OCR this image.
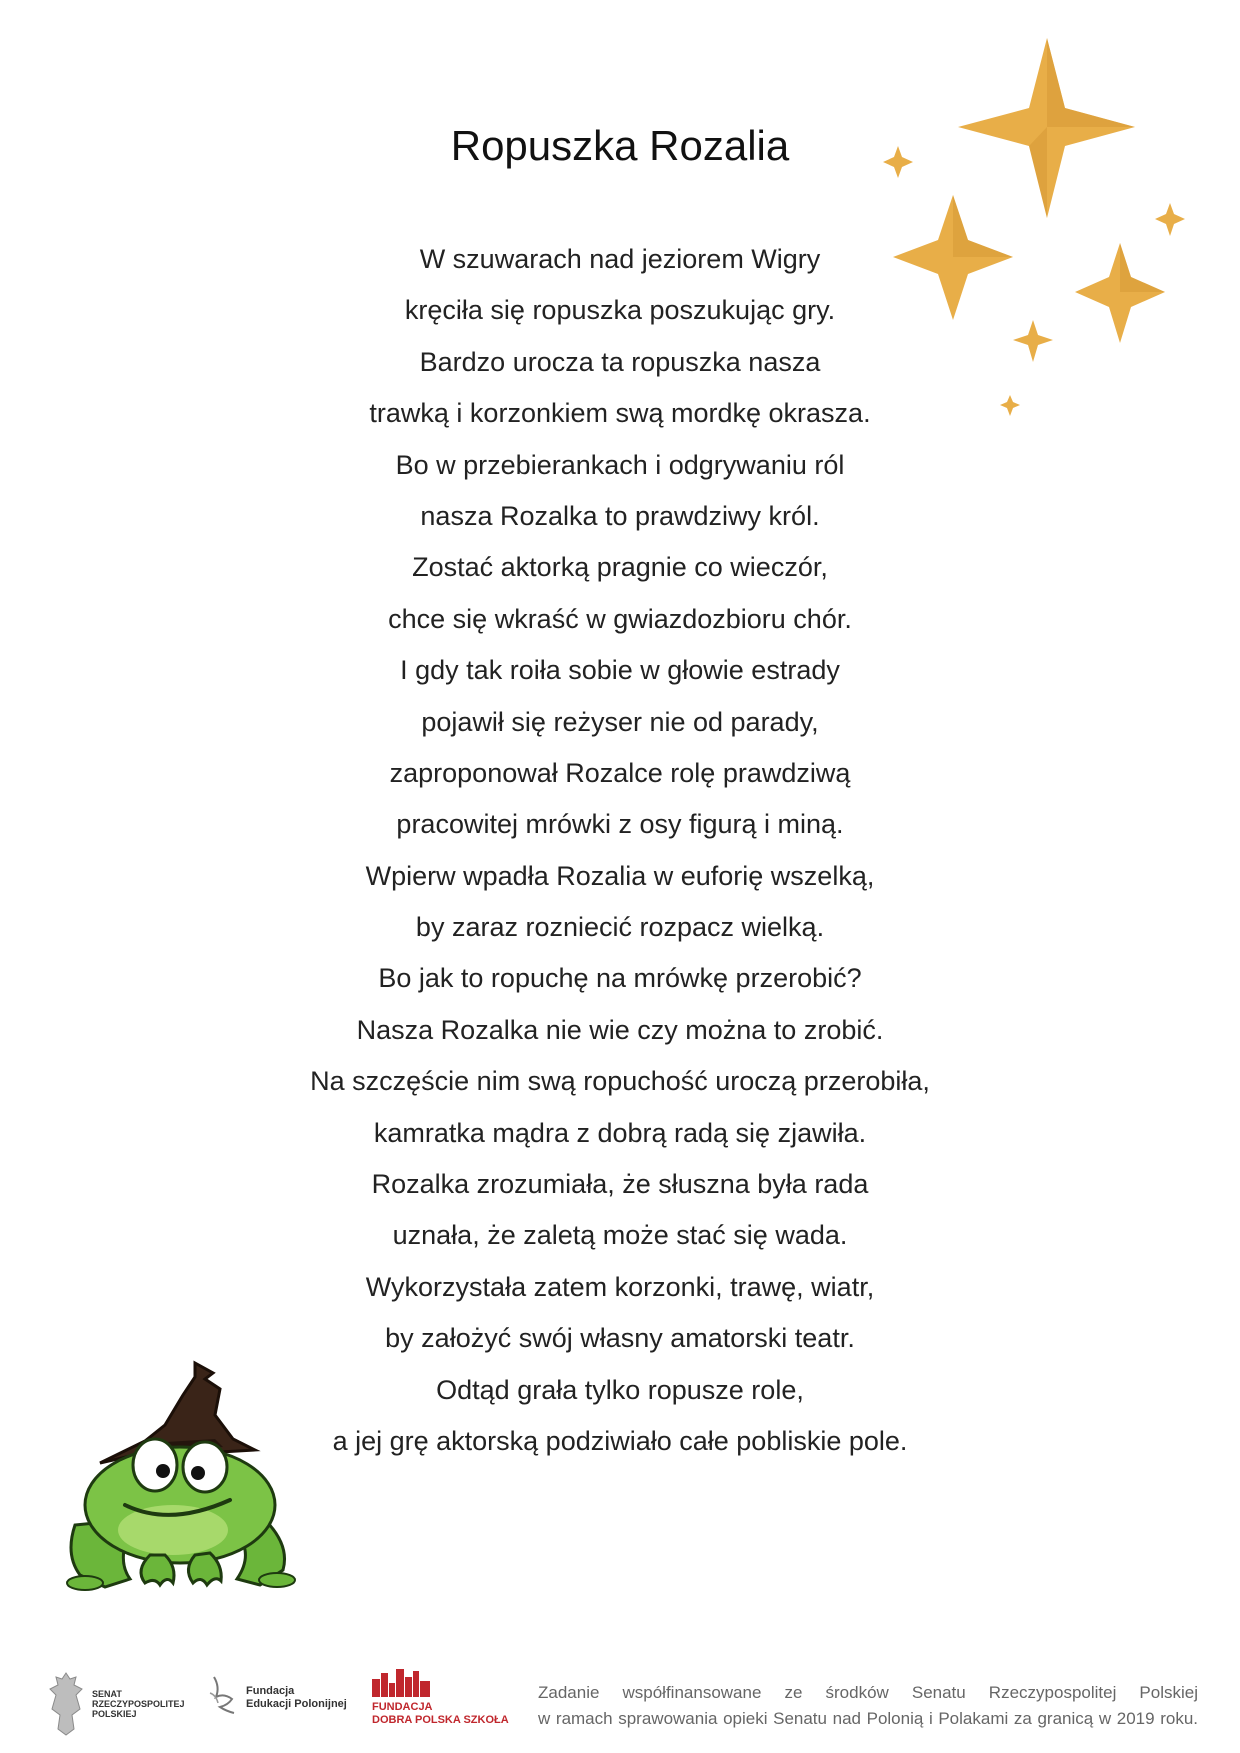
Ropuszka Rozalia
W szuwarach nad jeziorem Wigry
kręciła się ropuszka poszukując gry.
Bardzo urocza ta ropuszka nasza
trawką i korzonkiem swą mordkę okrasza.
Bo w przebierankach i odgrywaniu ról
nasza Rozalka to prawdziwy król.
Zostać aktorką pragnie co wieczór,
chce się wkraść w gwiazdozbioru chór.
I gdy tak roiła sobie w głowie estrady
pojawił się reżyser nie od parady,
zaproponował Rozalce rolę prawdziwą
pracowitej mrówki z osy figurą i miną.
Wpierw wpadła Rozalia w euforię wszelką,
by zaraz rozniecić rozpacz wielką.
Bo jak to ropuchę na mrówkę przerobić?
Nasza Rozalka nie wie czy można to zrobić.
Na szczęście nim swą ropuchość uroczą przerobiła,
kamratka mądra z dobrą radą się zjawiła.
Rozalka zrozumiała, że słuszna była rada
uznała, że zaletą może stać się wada.
Wykorzystała zatem korzonki, trawę, wiatr,
by założyć swój własny amatorski teatr.
Odtąd grała tylko ropusze role,
a jej grę aktorską podziwiało całe pobliskie pole.
SENAT
RZECZYPOSPOLITEJ
POLSKIEJ
Fundacja
Edukacji Polonijnej FUNDACJA
DOBRA POLSKA SZKOŁA
Zadanie współfinansowane ze środków Senatu Rzeczypospolitej Polskiej
w ramach sprawowania opieki Senatu nad Polonią i Polakami za granicą w 2019 roku.
